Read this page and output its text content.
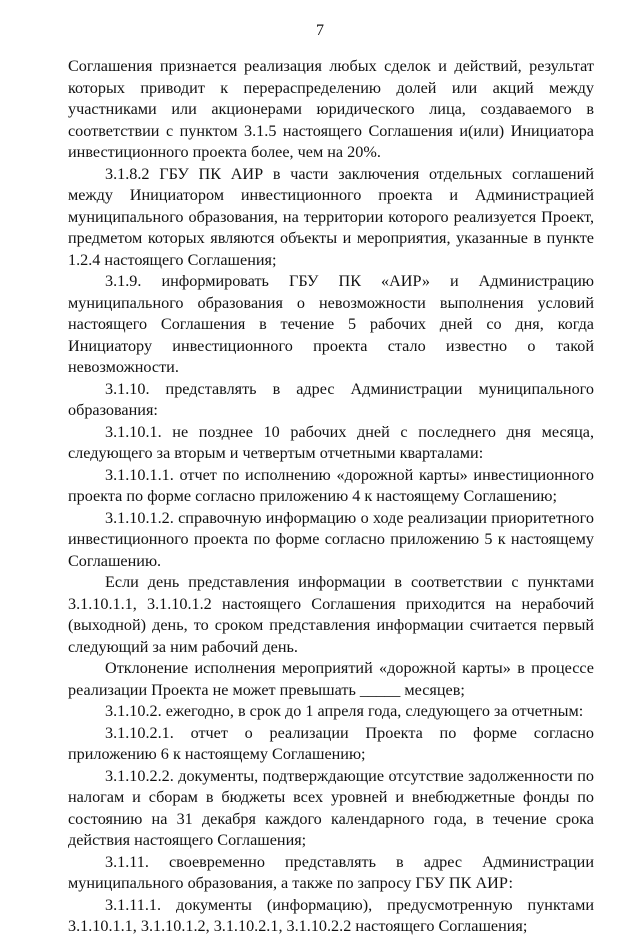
7

Соглашения признается реализация любых сделок и действий, результат которых приводит к перераспределению долей или акций между участниками или акционерами юридического лица, создаваемого в соответствии с пунктом 3.1.5 настоящего Соглашения и(или) Инициатора инвестиционного проекта более, чем на 20%.

3.1.8.2 ГБУ ПК АИР в части заключения отдельных соглашений между Инициатором инвестиционного проекта и Администрацией муниципального образования, на территории которого реализуется Проект, предметом которых являются объекты и мероприятия, указанные в пункте 1.2.4 настоящего Соглашения;

3.1.9. информировать ГБУ ПК «АИР» и Администрацию муниципального образования о невозможности выполнения условий настоящего Соглашения в течение 5 рабочих дней со дня, когда Инициатору инвестиционного проекта стало известно о такой невозможности.

3.1.10. представлять в адрес Администрации муниципального образования:

3.1.10.1. не позднее 10 рабочих дней с последнего дня месяца, следующего за вторым и четвертым отчетными кварталами:

3.1.10.1.1. отчет по исполнению «дорожной карты» инвестиционного проекта по форме согласно приложению 4 к настоящему Соглашению;

3.1.10.1.2. справочную информацию о ходе реализации приоритетного инвестиционного проекта по форме согласно приложению 5 к настоящему Соглашению.

Если день представления информации в соответствии с пунктами 3.1.10.1.1, 3.1.10.1.2 настоящего Соглашения приходится на нерабочий (выходной) день, то сроком представления информации считается первый следующий за ним рабочий день.

Отклонение исполнения мероприятий «дорожной карты» в процессе реализации Проекта не может превышать _____ месяцев;

3.1.10.2. ежегодно, в срок до 1 апреля года, следующего за отчетным:

3.1.10.2.1. отчет о реализации Проекта по форме согласно приложению 6 к настоящему Соглашению;

3.1.10.2.2. документы, подтверждающие отсутствие задолженности по налогам и сборам в бюджеты всех уровней и внебюджетные фонды по состоянию на 31 декабря каждого календарного года, в течение срока действия настоящего Соглашения;

3.1.11. своевременно представлять в адрес Администрации муниципального образования, а также по запросу ГБУ ПК АИР:

3.1.11.1. документы (информацию), предусмотренную пунктами 3.1.10.1.1, 3.1.10.1.2, 3.1.10.2.1, 3.1.10.2.2 настоящего Соглашения;
